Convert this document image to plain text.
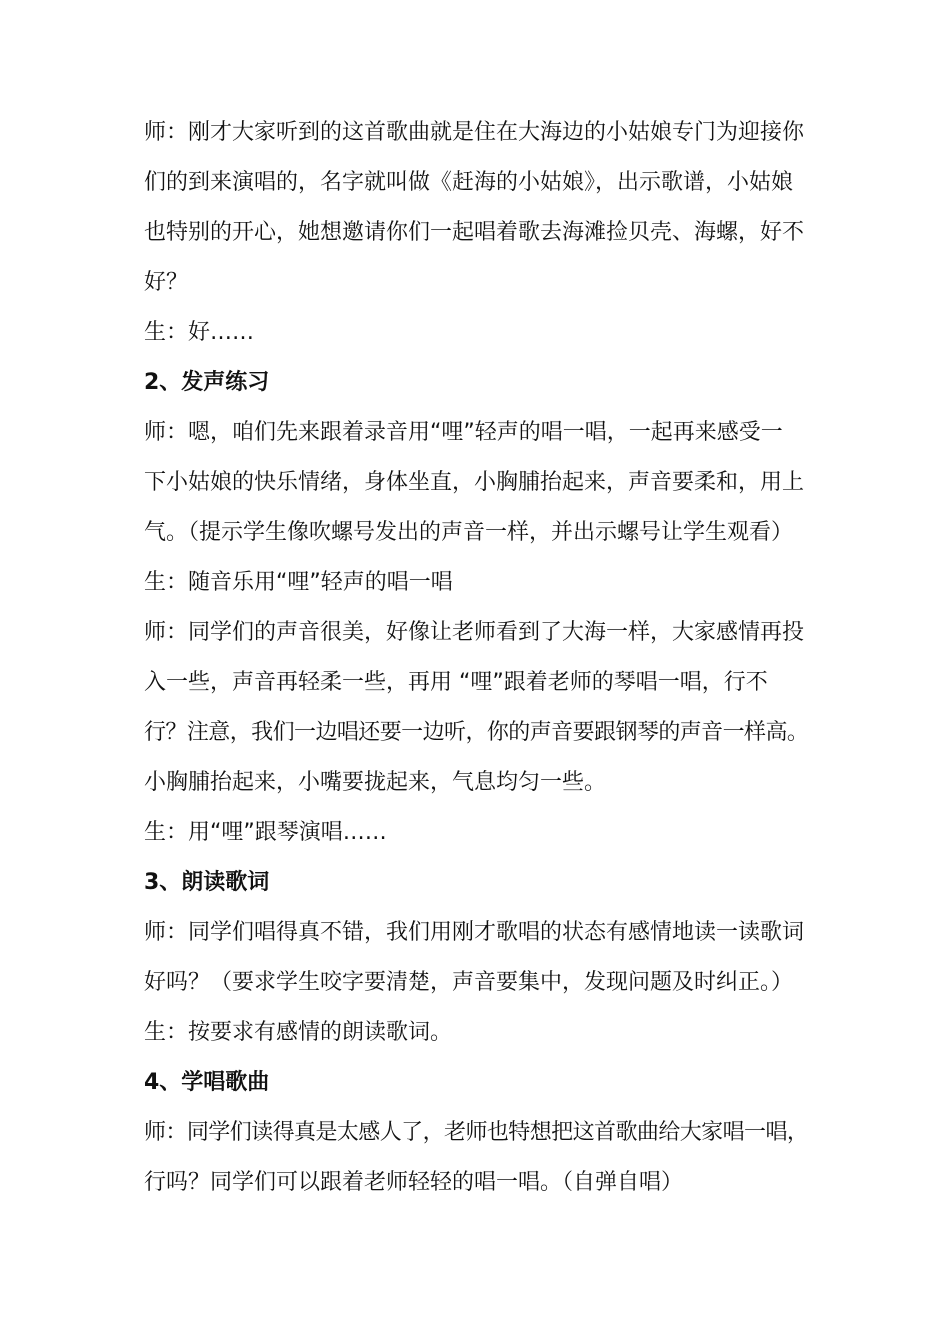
师：刚才大家听到的这首歌曲就是住在大海边的小姑娘专门为迎接你
们的到来演唱的，名字就叫做《赶海的小姑娘》，出示歌谱，小姑娘
也特别的开心，她想邀请你们一起唱着歌去海滩捡贝壳、海螺，好不
好？
生：好……
2、发声练习
师：嗯，咱们先来跟着录音用“哩”轻声的唱一唱，一起再来感受一
下小姑娘的快乐情绪，身体坐直，小胸脯抬起来，声音要柔和，用上
气。（提示学生像吹螺号发出的声音一样，并出示螺号让学生观看）
生：随音乐用“哩”轻声的唱一唱
师：同学们的声音很美，好像让老师看到了大海一样，大家感情再投
入一些，声音再轻柔一些，再用 “哩”跟着老师的琴唱一唱，行不
行？注意，我们一边唱还要一边听，你的声音要跟钢琴的声音一样高。
小胸脯抬起来，小嘴要拢起来，气息均匀一些。
生：用“哩”跟琴演唱……
3、朗读歌词
师：同学们唱得真不错，我们用刚才歌唱的状态有感情地读一读歌词
好吗？（要求学生咬字要清楚，声音要集中，发现问题及时纠正。）
生：按要求有感情的朗读歌词。
4、学唱歌曲
师：同学们读得真是太感人了，老师也特想把这首歌曲给大家唱一唱，
行吗？同学们可以跟着老师轻轻的唱一唱。（自弹自唱）
